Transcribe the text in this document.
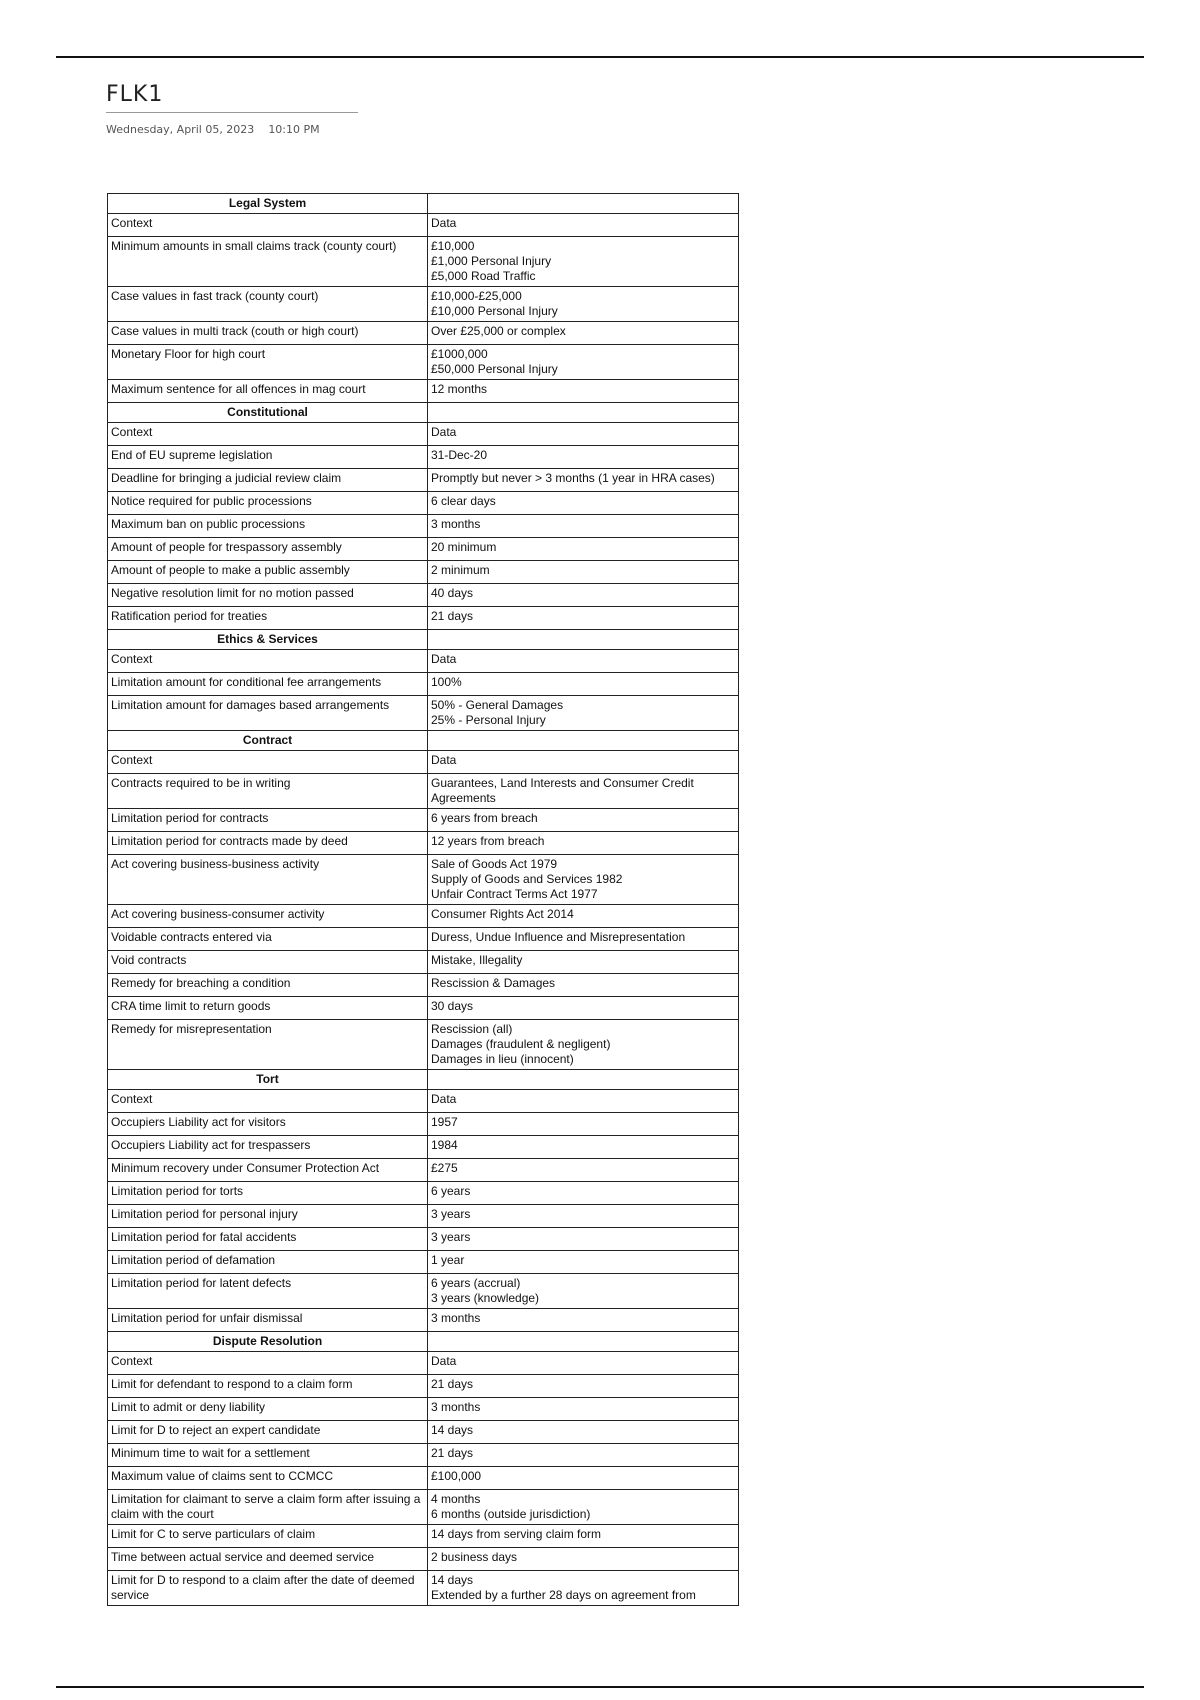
FLK1
Wednesday, April 05, 2023 10:10 PM
Legal System	
Context	Data
Minimum amounts in small claims track (county court)	£10,000
£1,000 Personal Injury
£5,000 Road Traffic

Case values in fast track (county court)	£10,000-£25,000
£10,000 Personal Injury

Case values in multi track (couth or high court)	Over £25,000 or complex

Monetary Floor for high court	£1000,000
£50,000 Personal Injury

Maximum sentence for all offences in mag court	12 months

Constitutional	
Context	Data
End of EU supreme legislation	31-Dec-20

Deadline for bringing a judicial review claim	Promptly but never > 3 months (1 year in HRA cases)

Notice required for public processions	6 clear days

Maximum ban on public processions	3 months

Amount of people for trespassory assembly	20 minimum

Amount of people to make a public assembly	2 minimum

Negative resolution limit for no motion passed	40 days

Ratification period for treaties	21 days

Ethics & Services	
Context	Data
Limitation amount for conditional fee arrangements	100%

Limitation amount for damages based arrangements	50% - General Damages
25% - Personal Injury

Contract	
Context	Data
Contracts required to be in writing	Guarantees, Land Interests and Consumer Credit Agreements

Limitation period for contracts	6 years from breach

Limitation period for contracts made by deed	12 years from breach

Act covering business-business activity	Sale of Goods Act 1979
Supply of Goods and Services 1982
Unfair Contract Terms Act 1977

Act covering business-consumer activity	Consumer Rights Act 2014

Voidable contracts entered via	Duress, Undue Influence and Misrepresentation

Void contracts	Mistake, Illegality

Remedy for breaching a condition	Rescission & Damages

CRA time limit to return goods	30 days

Remedy for misrepresentation	Rescission (all)
Damages (fraudulent & negligent)
Damages in lieu (innocent)

Tort	
Context	Data
Occupiers Liability act for visitors	1957

Occupiers Liability act for trespassers	1984

Minimum recovery under Consumer Protection Act	£275

Limitation period for torts	6 years

Limitation period for personal injury	3 years

Limitation period for fatal accidents	3 years

Limitation period of defamation	1 year

Limitation period for latent defects	6 years (accrual)
3 years (knowledge)

Limitation period for unfair dismissal	3 months

Dispute Resolution	
Context	Data
Limit for defendant to respond to a claim form	21 days

Limit to admit or deny liability	3 months

Limit for D to reject an expert candidate	14 days

Minimum time to wait for a settlement	21 days

Maximum value of claims sent to CCMCC	£100,000

Limitation for claimant to serve a claim form after issuing a claim with the court	4 months
6 months (outside jurisdiction)

Limit for C to serve particulars of claim	14 days from serving claim form

Time between actual service and deemed service	2 business days

Limit for D to respond to a claim after the date of deemed service	14 days
Extended by a further 28 days on agreement from
